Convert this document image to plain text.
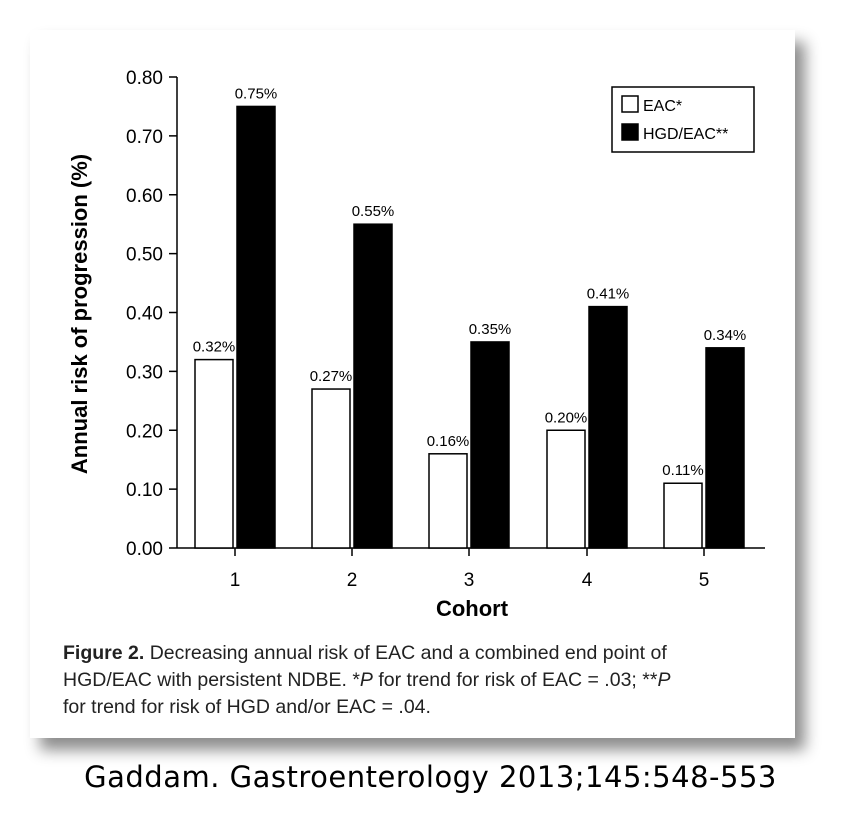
0.00
0.10
0.20
0.30
0.40
0.50
0.60
0.70
0.80
1	2	3	4	5
0.32%
0.75%
0.27%
0.55%
0.16%
0.35%
0.20%
0.41%
0.11%
0.34%
EAC*
HGD/EAC**
Cohort
Annual risk of progression (%)
Figure 2. Decreasing annual risk of EAC and a combined end point of
HGD/EAC with persistent NDBE. *P for trend for risk of EAC = .03; **P
for trend for risk of HGD and/or EAC = .04.
Gaddam. Gastroenterology 2013;145:548-553
